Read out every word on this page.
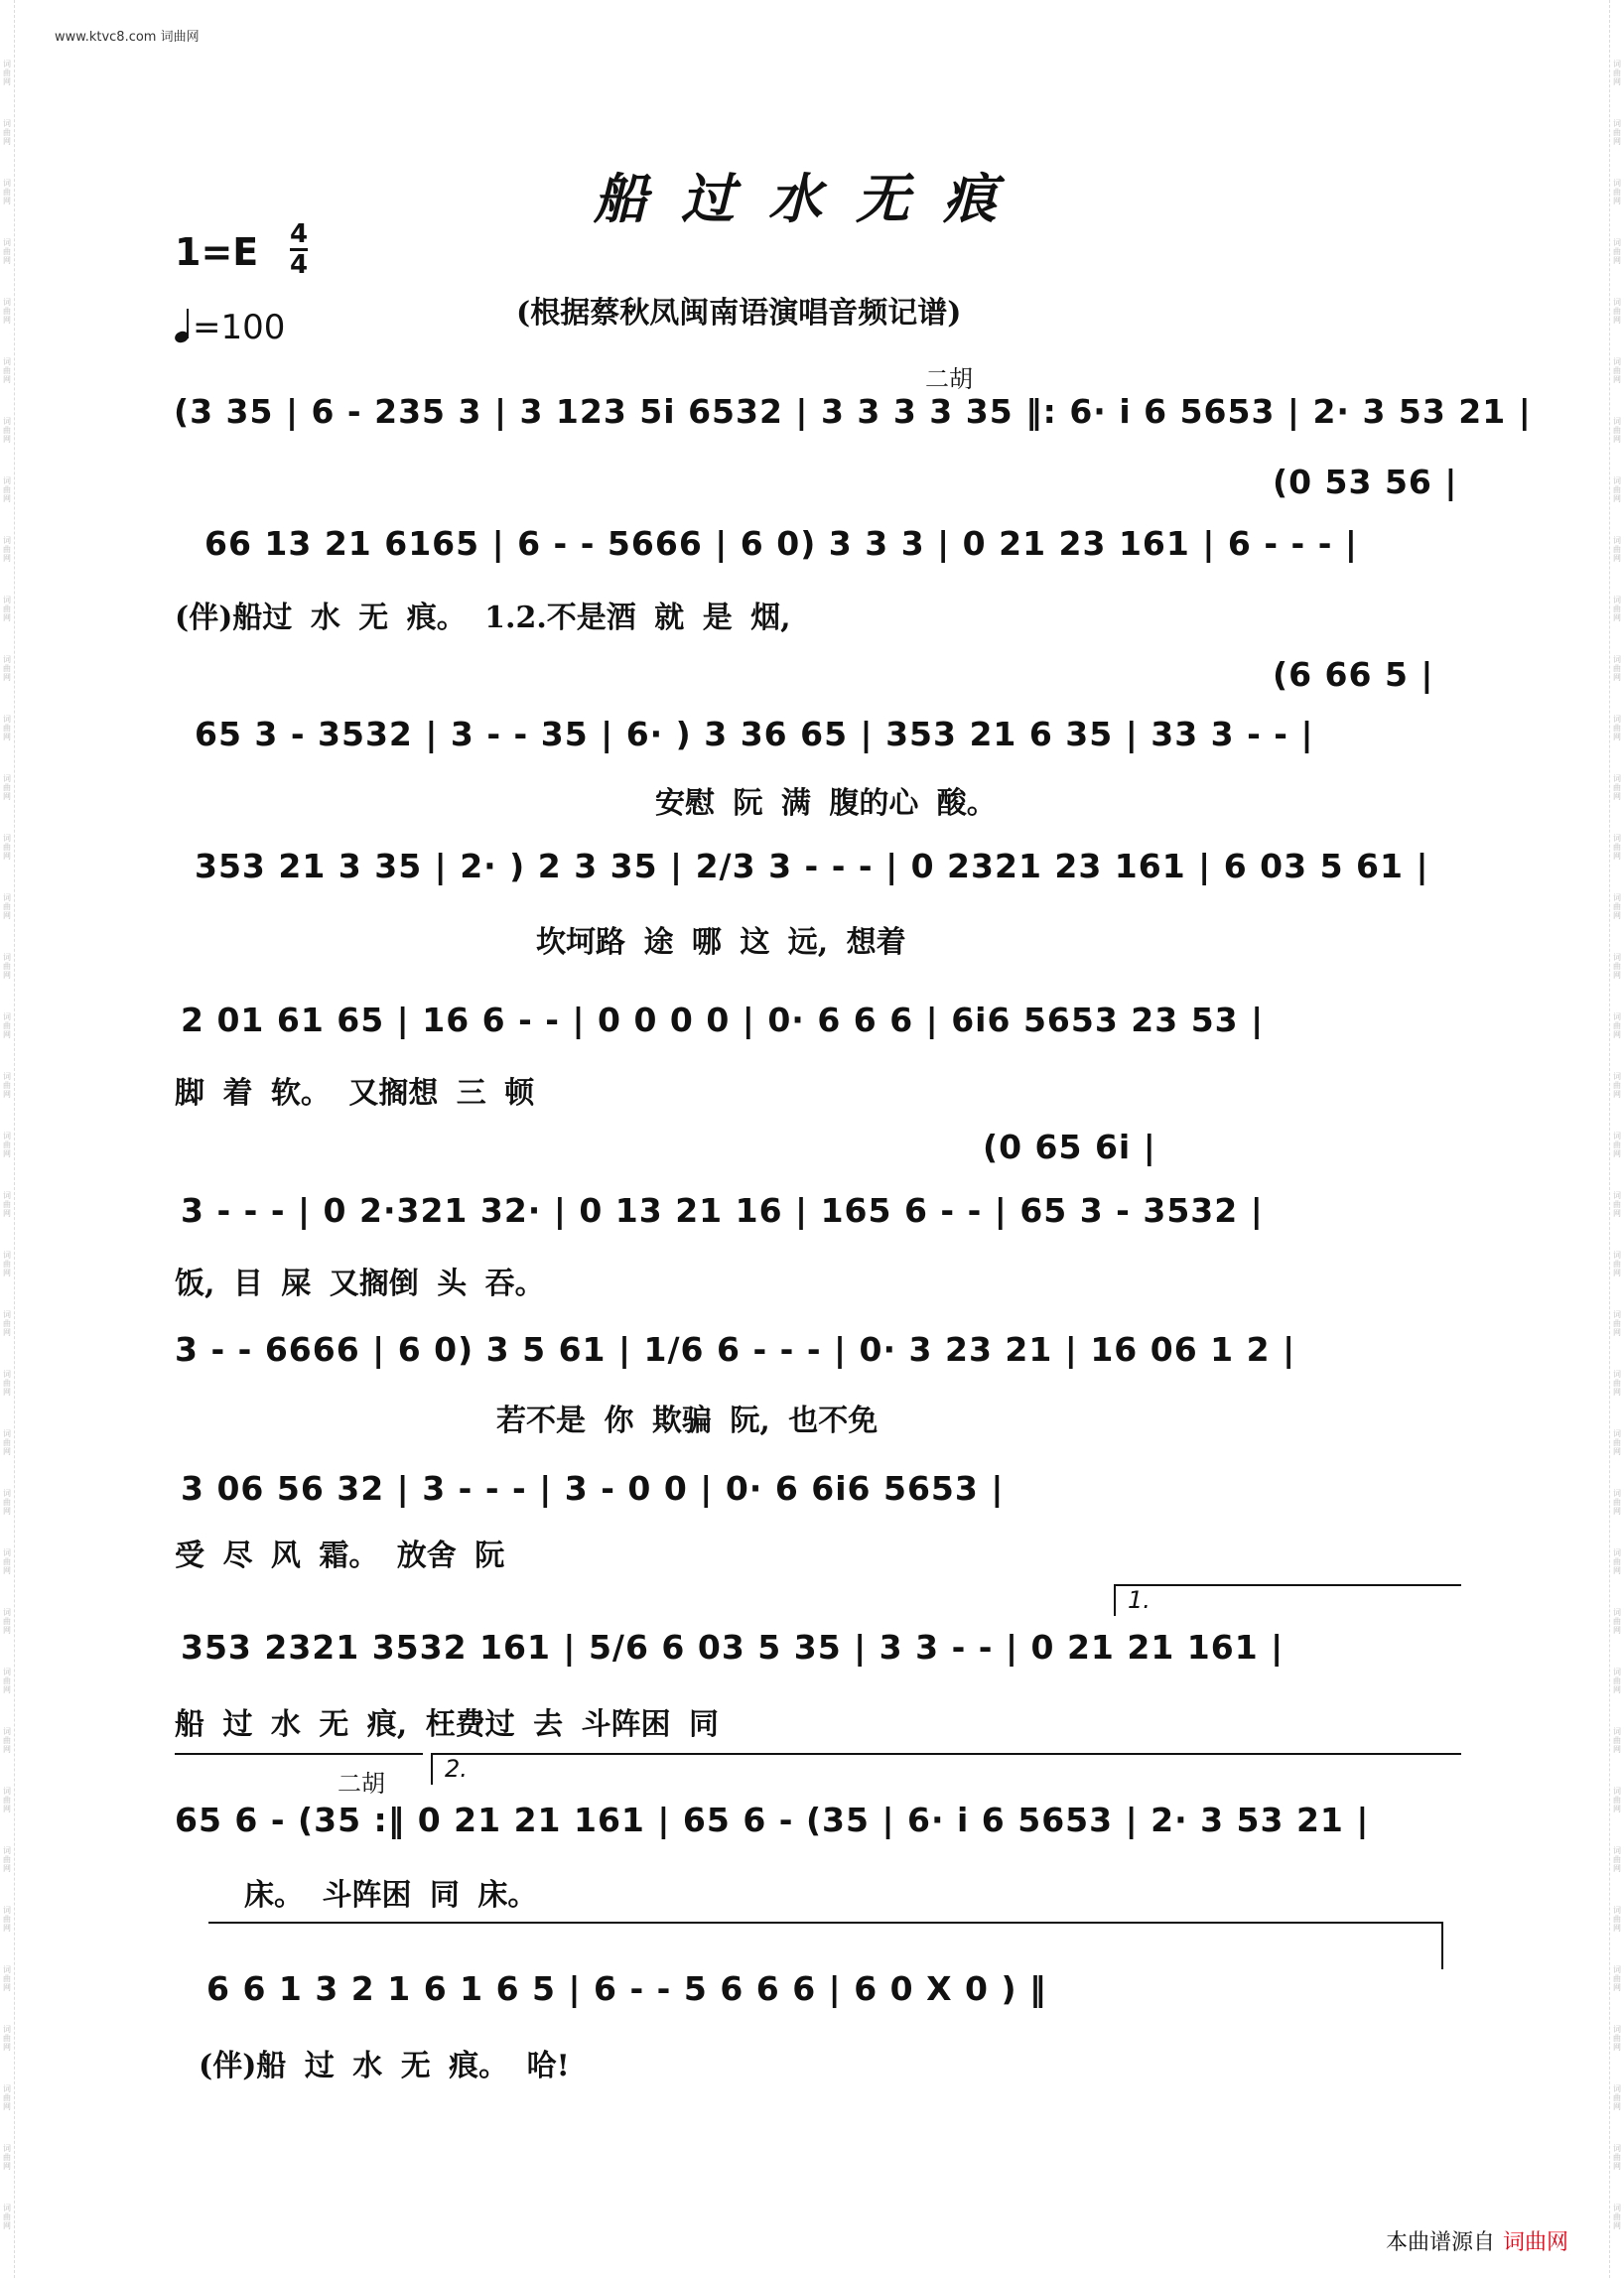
词曲网
词曲网
词曲网
词曲网
词曲网
词曲网
词曲网
词曲网
词曲网
词曲网
词曲网
词曲网
词曲网
词曲网
词曲网
词曲网
词曲网
词曲网
词曲网
词曲网
词曲网
词曲网
词曲网
词曲网
词曲网
词曲网
词曲网
词曲网
词曲网
词曲网
词曲网
词曲网
词曲网
词曲网
词曲网
词曲网
词曲网
词曲网
词曲网
词曲网
词曲网
词曲网
词曲网
词曲网
词曲网
词曲网
词曲网
词曲网
词曲网
词曲网
词曲网
词曲网
词曲网
词曲网
词曲网
词曲网
词曲网
词曲网
词曲网
词曲网
词曲网
词曲网
词曲网
词曲网
词曲网
词曲网
词曲网
词曲网
词曲网
词曲网
词曲网
词曲网
词曲网
词曲网
www.ktvc8.com 词曲网
船过水无痕
1=E 4
4
=100	(根据蔡秋凤闽南语演唱音频记谱)
二胡
二胡
(3 35 | 6 - 235 3 | 3 123 5i 6532 | 3 3 3 3 35 ‖: 6· i 6 5653 | 2· 3 53 21 |
(0 53 56 |
66 13 21 6165 | 6 - - 5666 | 6 0) 3 3 3 | 0 21 23 161 | 6 - - - |
(6 66 5 |
65 3 - 3532 | 3 - - 35 | 6· ) 3 36 65 | 353 21 6 35 | 33 3 - - |
353 21 3 35 | 2· ) 2 3 35 | 2/3 3 - - - | 0 2321 23 161 | 6 03 5 61 |
2 01 61 65 | 16 6 - - | 0 0 0 0 | 0· 6 6 6 | 6i6 5653 23 53 |
(0 65 6i |
3 - - - | 0 2·321 32· | 0 13 21 16 | 165 6 - - | 65 3 - 3532 |
3 - - 6666 | 6 0) 3 5 61 | 1/6 6 - - - | 0· 3 23 21 | 16 06 1 2 |
3 06 56 32 | 3 - - - | 3 - 0 0 | 0· 6 6i6 5653 |
353 2321 3532 161 | 5/6 6 03 5 35 | 3 3 - - | 0 21 21 161 |
65 6 - (35 :‖ 0 21 21 161 | 65 6 - (35 | 6· i 6 5653 | 2· 3 53 21 |
6 6 1 3 2 1 6 1 6 5 | 6 - - 5 6 6 6 | 6 0 X 0 ) ‖
(伴)船过 水 无 痕。 1.2.不是酒 就 是 烟,
安慰 阮 满 腹的心 酸。
坎坷路 途 哪 这 远, 想着
脚 着 软。 又搁想 三 顿
饭, 目 屎 又搁倒 头 吞。
若不是 你 欺骗 阮, 也不免
受 尽 风 霜。 放舍 阮
船 过 水 无 痕, 枉费过 去 斗阵困 同
床。 斗阵困 同 床。
(伴)船 过 水 无 痕。 哈!
1.
2.
本曲谱源自 词曲网
